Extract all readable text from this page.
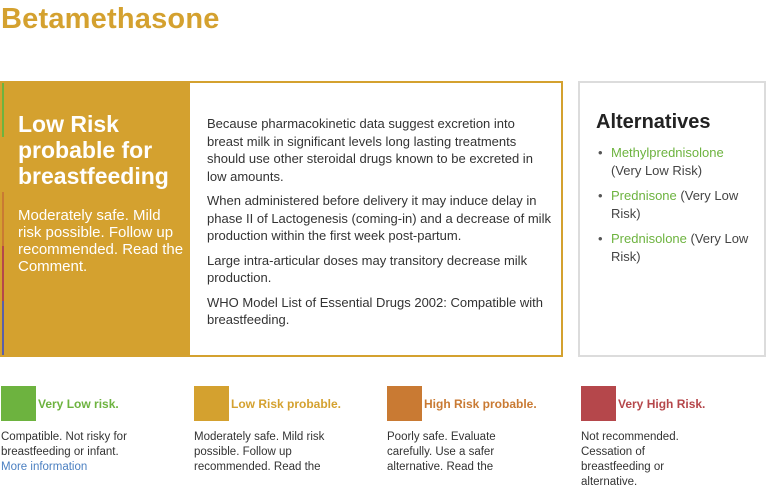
Betamethasone
Low Risk probable for breastfeeding
Moderately safe. Mild risk possible. Follow up recommended. Read the Comment.

Because pharmacokinetic data suggest excretion into breast milk in significant levels long lasting treatments should use other steroidal drugs known to be excreted in low amounts.

When administered before delivery it may induce delay in phase II of Lactogenesis (coming-in) and a decrease of milk production within the first week post-partum.

Large intra-articular doses may transitory decrease milk production.

WHO Model List of Essential Drugs 2002: Compatible with breastfeeding.

Alternatives
• Methylprednisolone (Very Low Risk)
• Prednisone (Very Low Risk)
• Prednisolone (Very Low Risk)
Very Low risk.
Compatible. Not risky for breastfeeding or infant.
More information
Low Risk probable.
Moderately safe. Mild risk possible. Follow up recommended. Read the
High Risk probable.
Poorly safe. Evaluate carefully. Use a safer alternative. Read the
Very High Risk.
Not recommended. Cessation of breastfeeding or alternative.
